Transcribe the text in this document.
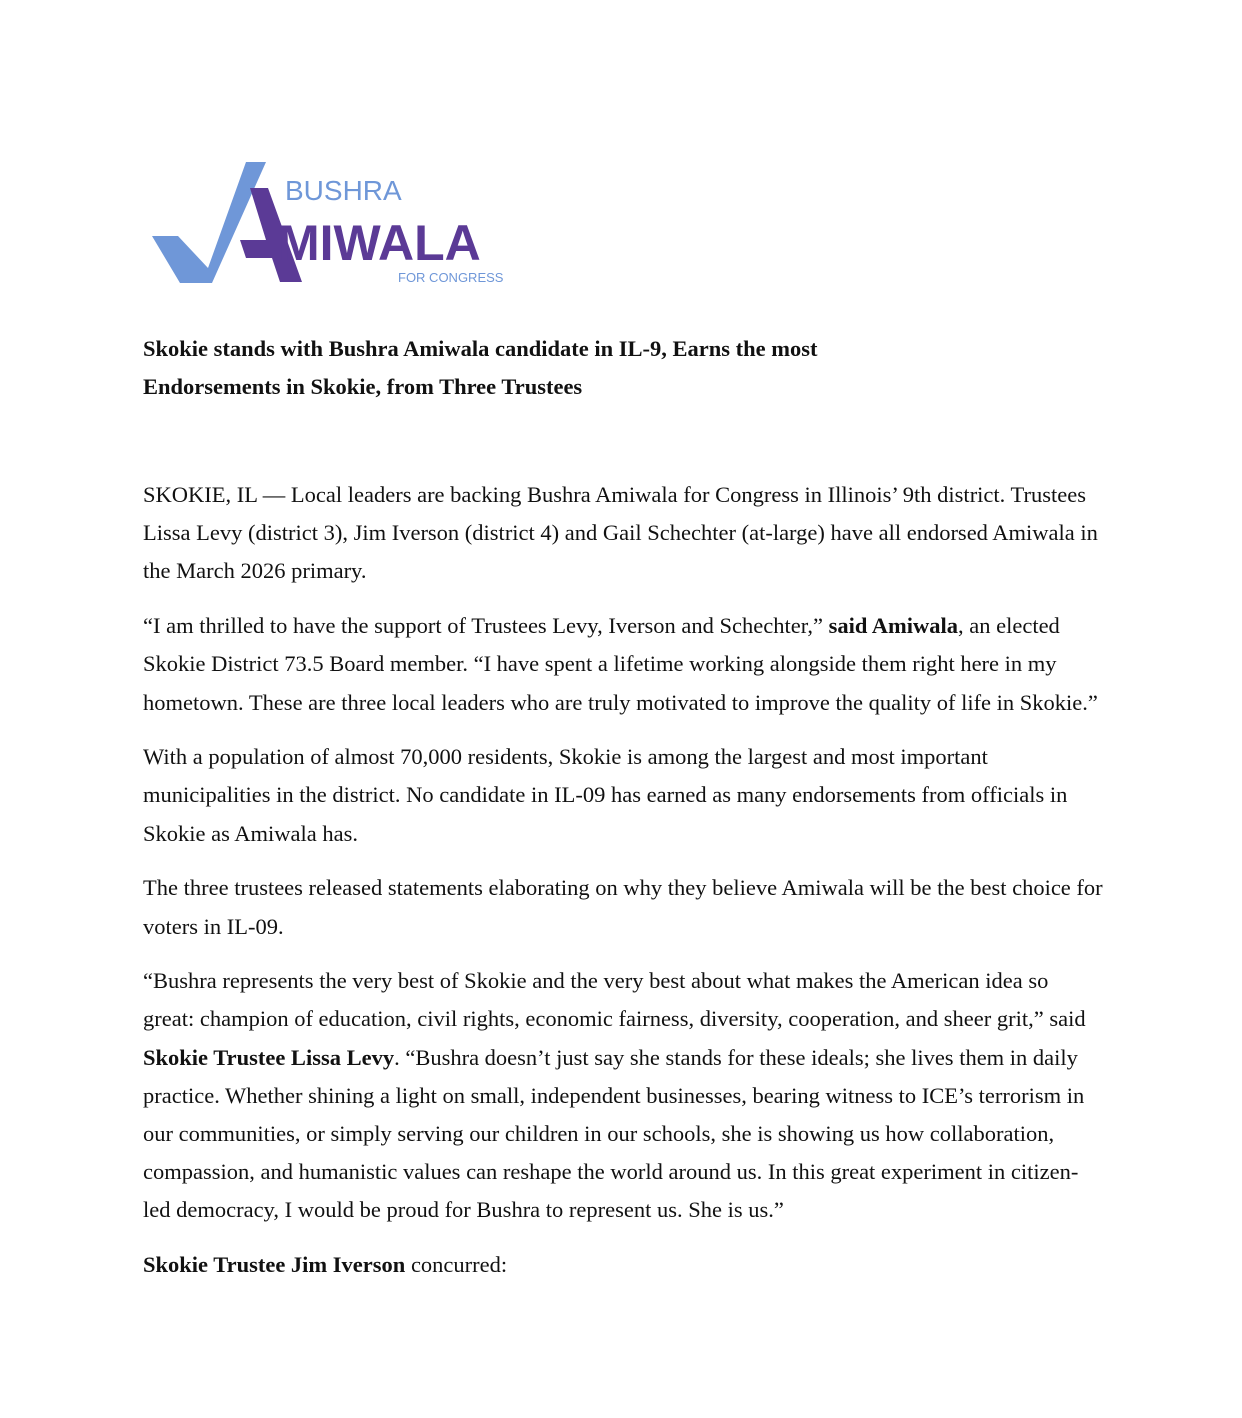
BUSHRA
MIWALA
FOR CONGRESS
Skokie stands with Bushra Amiwala candidate in IL-9, Earns the most
Endorsements in Skokie, from Three Trustees

SKOKIE, IL — Local leaders are backing Bushra Amiwala for Congress in Illinois’ 9th district. Trustees Lissa Levy (district 3), Jim Iverson (district 4) and Gail Schechter (at-large) have all endorsed Amiwala in the March 2026 primary.

“I am thrilled to have the support of Trustees Levy, Iverson and Schechter,” said Amiwala, an elected Skokie District 73.5 Board member. “I have spent a lifetime working alongside them right here in my hometown. These are three local leaders who are truly motivated to improve the quality of life in Skokie.”

With a population of almost 70,000 residents, Skokie is among the largest and most important municipalities in the district. No candidate in IL-09 has earned as many endorsements from officials in Skokie as Amiwala has.

The three trustees released statements elaborating on why they believe Amiwala will be the best choice for voters in IL-09.

“Bushra represents the very best of Skokie and the very best about what makes the American idea so great: champion of education, civil rights, economic fairness, diversity, cooperation, and sheer grit,” said Skokie Trustee Lissa Levy. “Bushra doesn’t just say she stands for these ideals; she lives them in daily practice. Whether shining a light on small, independent businesses, bearing witness to ICE’s terrorism in our communities, or simply serving our children in our schools, she is showing us how collaboration, compassion, and humanistic values can reshape the world around us. In this great experiment in citizen-led democracy, I would be proud for Bushra to represent us. She is us.”

Skokie Trustee Jim Iverson concurred:
